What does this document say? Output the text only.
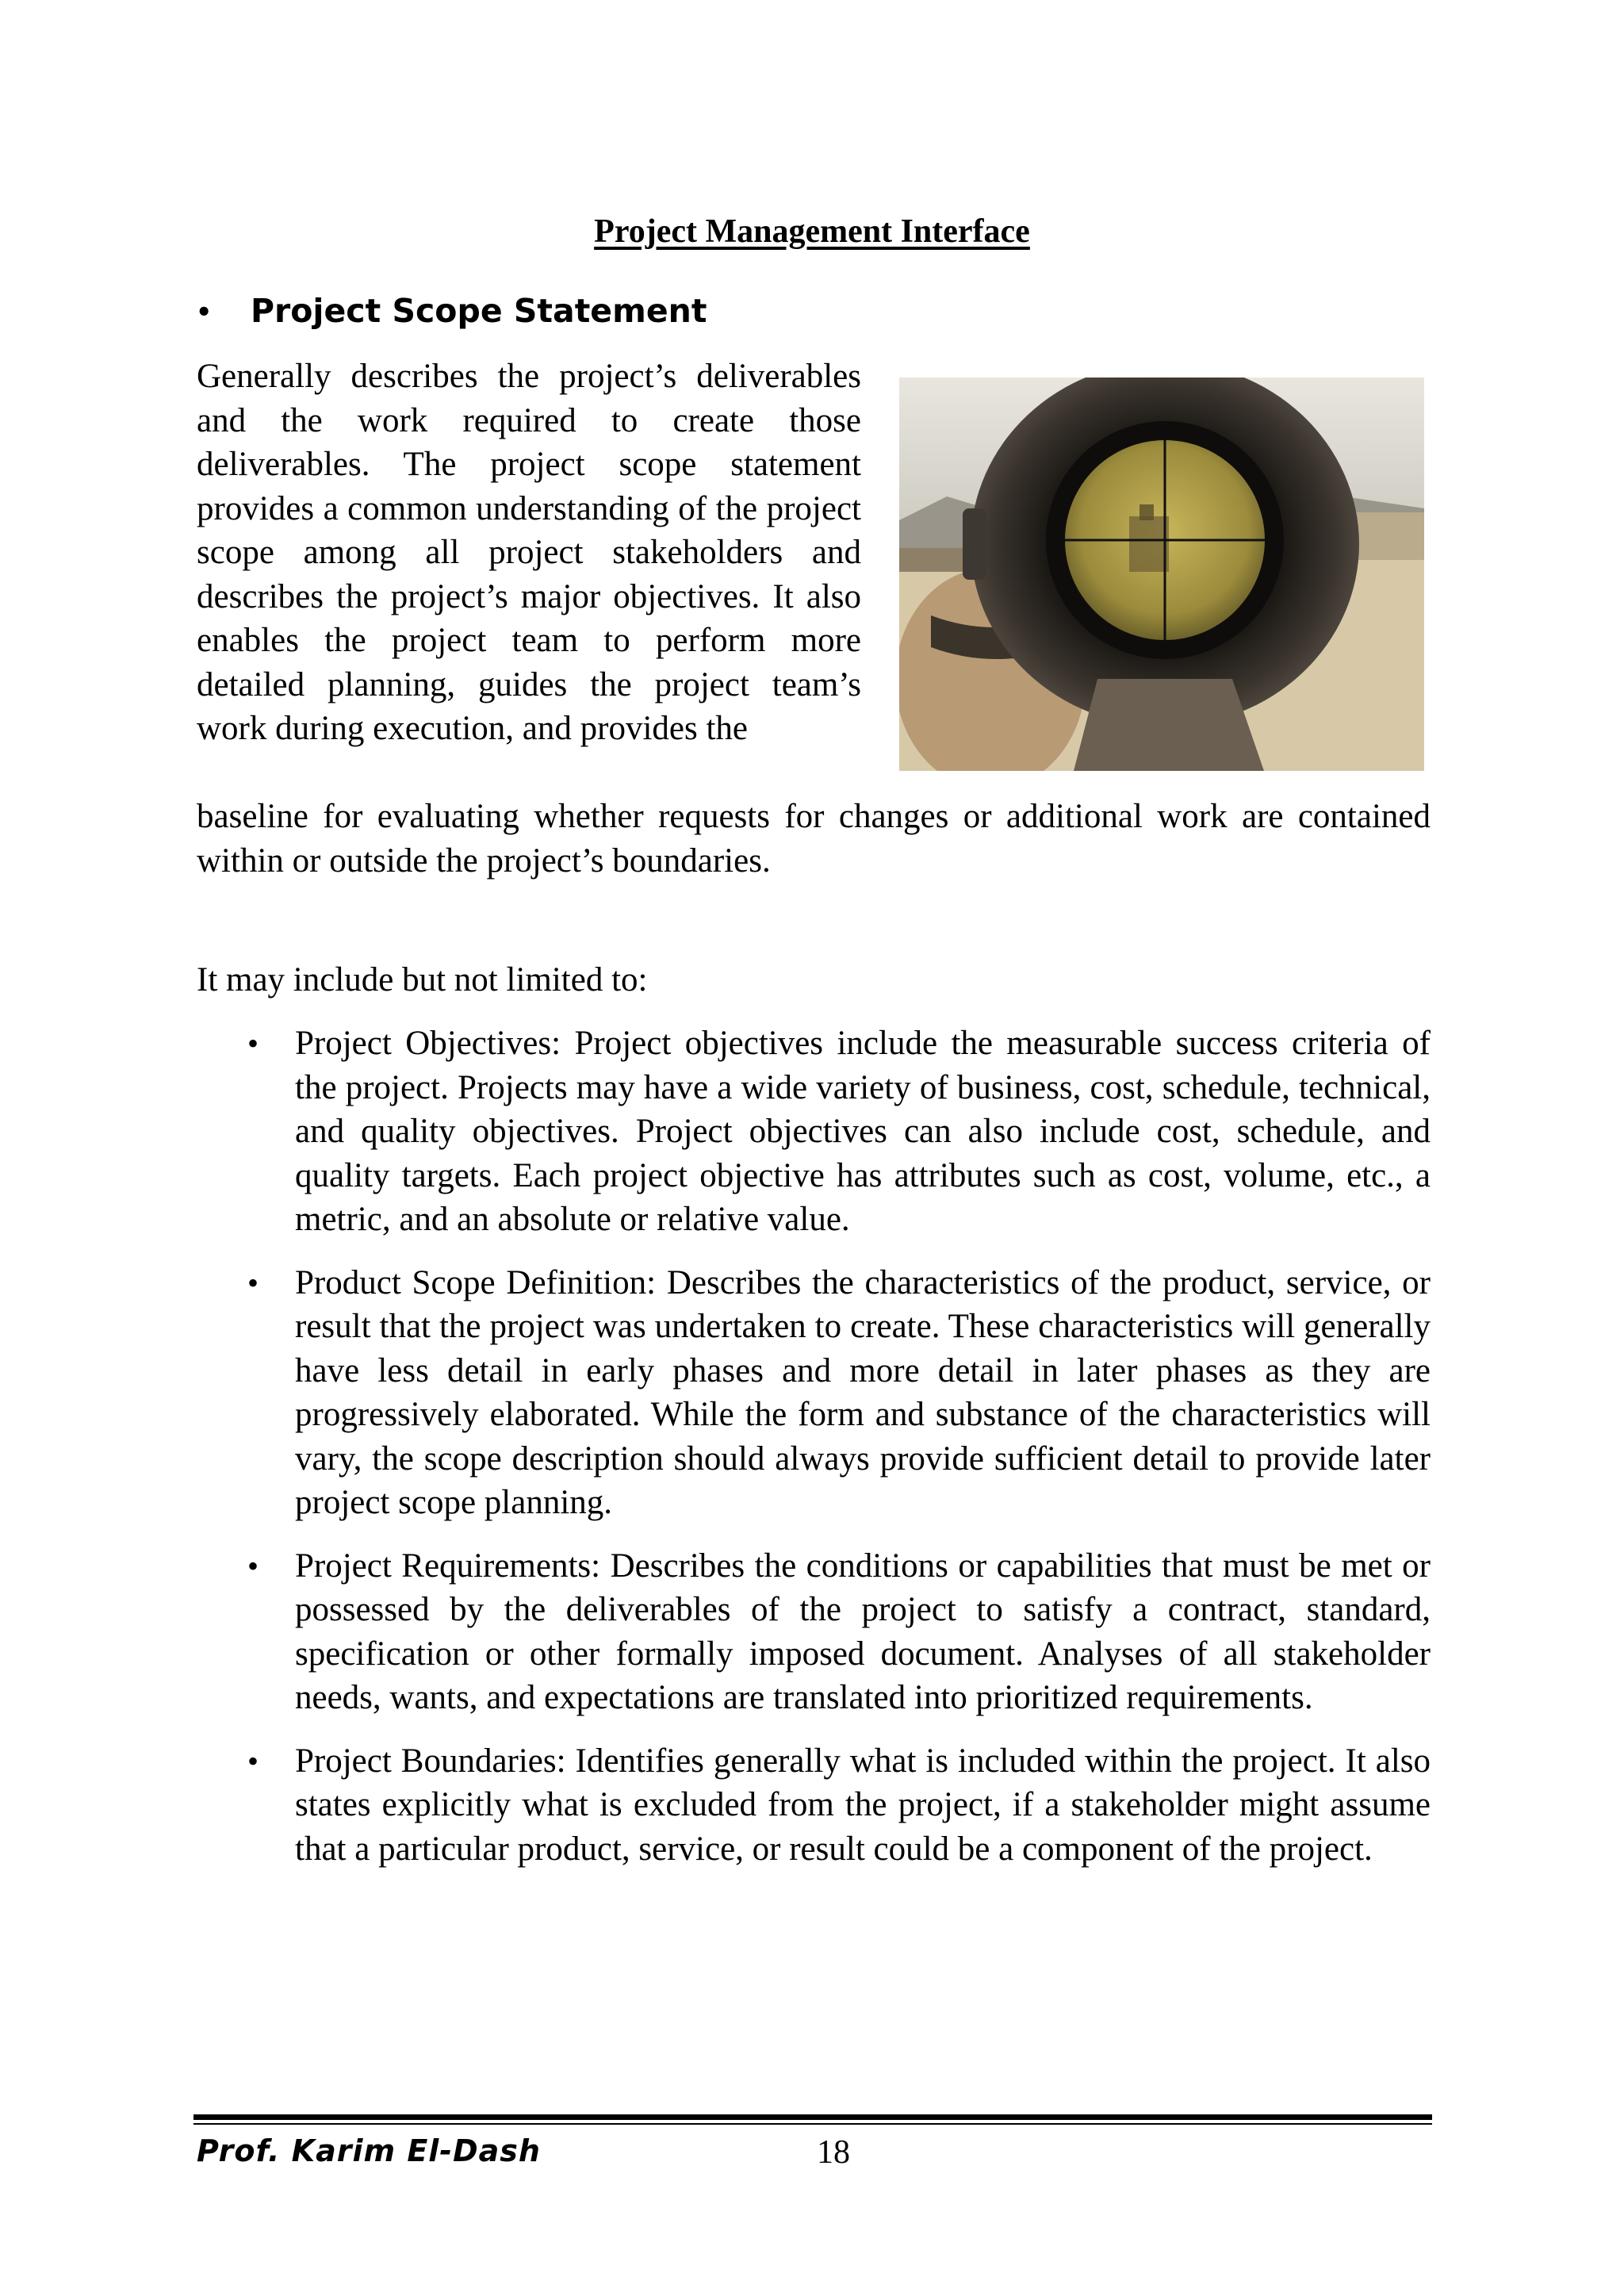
Project Management Interface
•	Project Scope Statement

Generally describes the project’s deliverables and the work required to create those deliverables. The project scope statement provides a common understanding of the project scope among all project stakeholders and describes the project’s major objectives. It also enables the project team to perform more detailed planning, guides the project team’s work during execution, and provides the

baseline for evaluating whether requests for changes or additional work are contained within or outside the project’s boundaries.

It may include but not limited to:

• Project Objectives: Project objectives include the measurable success criteria of the project. Projects may have a wide variety of business, cost, schedule, technical, and quality objectives. Project objectives can also include cost, schedule, and quality targets. Each project objective has attributes such as cost, volume, etc., a metric, and an absolute or relative value.
• Product Scope Definition: Describes the characteristics of the product, service, or result that the project was undertaken to create. These characteristics will generally have less detail in early phases and more detail in later phases as they are progressively elaborated. While the form and substance of the characteristics will vary, the scope description should always provide sufficient detail to provide later project scope planning.
• Project Requirements: Describes the conditions or capabilities that must be met or possessed by the deliverables of the project to satisfy a contract, standard, specification or other formally imposed document. Analyses of all stakeholder needs, wants, and expectations are translated into prioritized requirements.
• Project Boundaries: Identifies generally what is included within the project. It also states explicitly what is excluded from the project, if a stakeholder might assume that a particular product, service, or result could be a component of the project.
Prof. Karim El-Dash	18
